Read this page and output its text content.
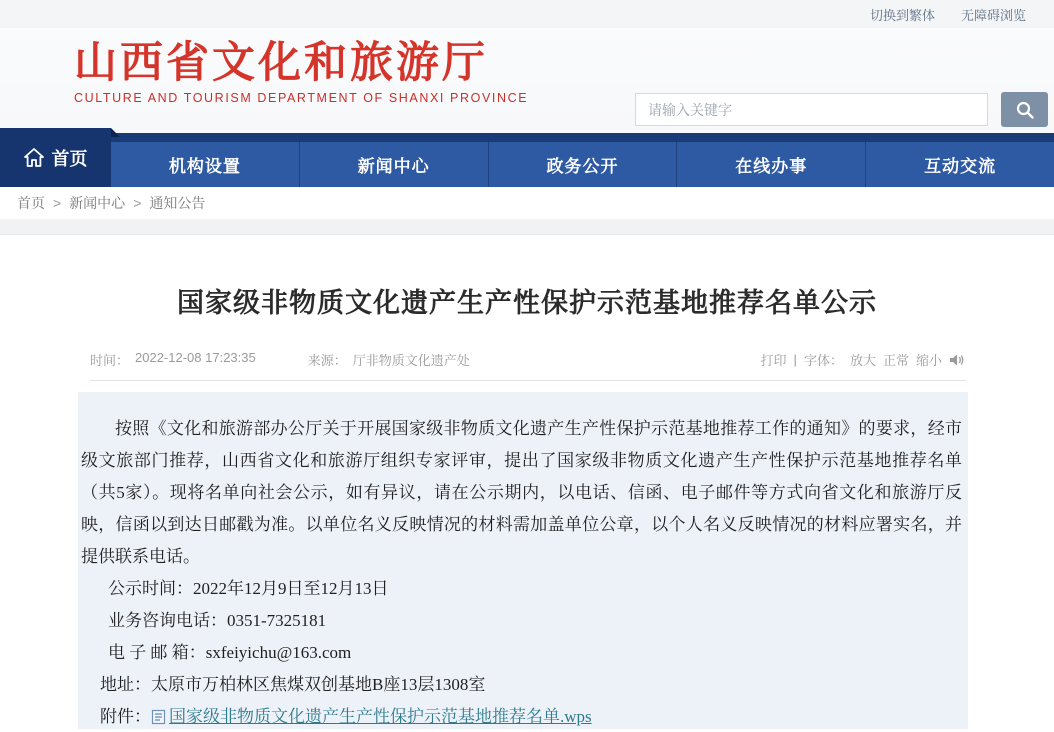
切换到繁体 无障碍浏览
山西省文化和旅游厅
CULTURE AND TOURISM DEPARTMENT OF SHANXI PROVINCE
请输入关键字
机构设置	新闻中心	政务公开	在线办事	互动交流
首页
首页 > 新闻中心 > 通知公告
国家级非物质文化遗产生产性保护示范基地推荐名单公示
时间： 2022-12-08 17:23:35	来源： 厅非物质文化遗产处	打印 | 字体： 放大 正常 缩小

按照《文化和旅游部办公厅关于开展国家级非物质文化遗产生产性保护示范基地推荐工作的通知》的要求，经市级文旅部门推荐，山西省文化和旅游厅组织专家评审，提出了国家级非物质文化遗产生产性保护示范基地推荐名单（共5家）。现将名单向社会公示，如有异议，请在公示期内，以电话、信函、电子邮件等方式向省文化和旅游厅反映，信函以到达日邮戳为准。以单位名义反映情况的材料需加盖单位公章，以个人名义反映情况的材料应署实名，并提供联系电话。

公示时间：2022年12月9日至12月13日
业务咨询电话：0351-7325181
电 子 邮 箱：sxfeiyichu@163.com
地址：太原市万柏林区焦煤双创基地B座13层1308室
附件： 国家级非物质文化遗产生产性保护示范基地推荐名单.wps
